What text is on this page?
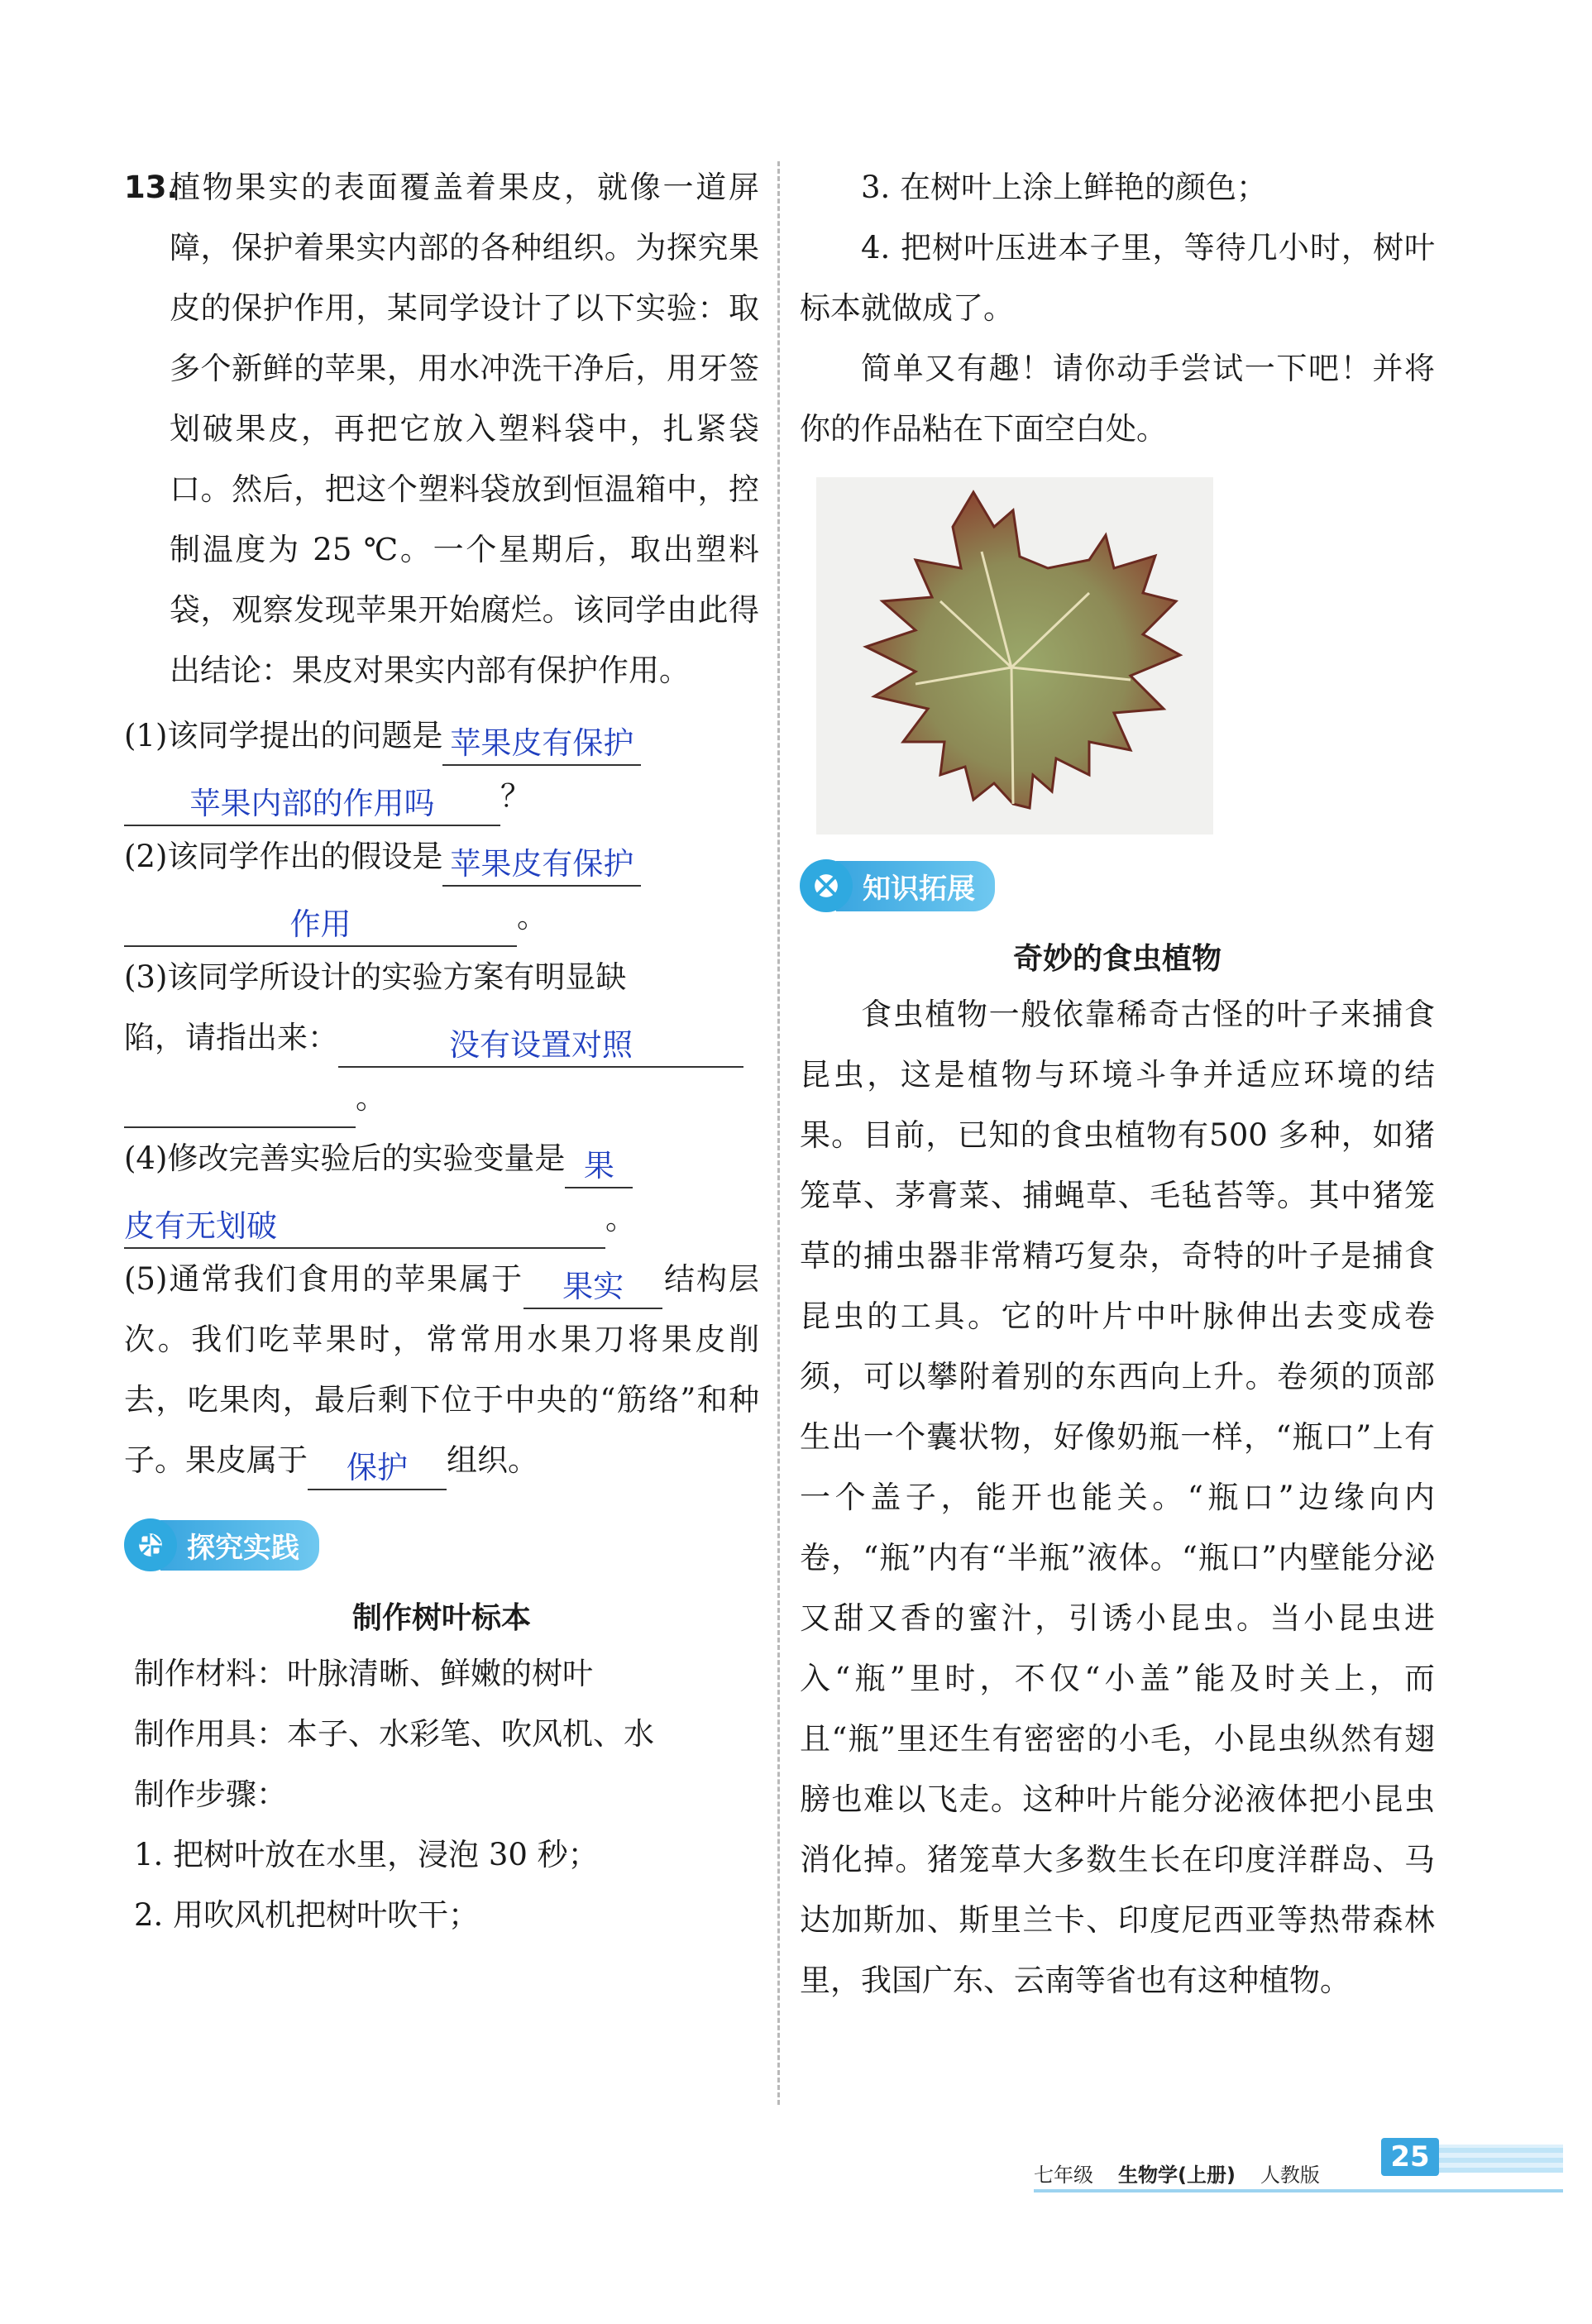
13.
植物果实的表面覆盖着果皮，就像一道屏障，保护着果实内部的各种组织。为探究果皮的保护作用，某同学设计了以下实验：取多个新鲜的苹果，用水冲洗干净后，用牙签划破果皮，再把它放入塑料袋中，扎紧袋口。然后，把这个塑料袋放到恒温箱中，控制温度为 25 ℃。一个星期后，取出塑料袋，观察发现苹果开始腐烂。该同学由此得出结论：果皮对果实内部有保护作用。

(1)该同学提出的问题是 苹果皮有保护
苹果内部的作用吗 ？

(2)该同学作出的假设是 苹果皮有保护
作用	。

(3)该同学所设计的实验方案有明显缺
陷，请指出来：	没有设置对照
。

(4)修改完善实验后的实验变量是 果
皮有无划破	。

(5)通常我们食用的苹果属于 果实 结构层次。我们吃苹果时，常常用水果刀将果皮削去，吃果肉，最后剩下位于中央的“筋络”和种子。果皮属于 保护 组织。

探究实践
制作树叶标本

制作材料：叶脉清晰、鲜嫩的树叶

制作用具：本子、水彩笔、吹风机、水

制作步骤：

1. 把树叶放在水里，浸泡 30 秒；

2. 用吹风机把树叶吹干；

3. 在树叶上涂上鲜艳的颜色；

4. 把树叶压进本子里，等待几小时，树叶标本就做成了。

简单又有趣！请你动手尝试一下吧！并将你的作品粘在下面空白处。

知识拓展
奇妙的食虫植物

食虫植物一般依靠稀奇古怪的叶子来捕食昆虫，这是植物与环境斗争并适应环境的结果。目前，已知的食虫植物有500 多种，如猪笼草、茅膏菜、捕蝇草、毛毡苔等。其中猪笼草的捕虫器非常精巧复杂，奇特的叶子是捕食昆虫的工具。它的叶片中叶脉伸出去变成卷须，可以攀附着别的东西向上升。卷须的顶部生出一个囊状物，好像奶瓶一样，“瓶口”上有一个盖子，能开也能关。“瓶口”边缘向内卷，“瓶”内有“半瓶”液体。“瓶口”内壁能分泌又甜又香的蜜汁，引诱小昆虫。当小昆虫进入“瓶”里时，不仅“小盖”能及时关上，而且“瓶”里还生有密密的小毛，小昆虫纵然有翅膀也难以飞走。这种叶片能分泌液体把小昆虫消化掉。猪笼草大多数生长在印度洋群岛、马达加斯加、斯里兰卡、印度尼西亚等热带森林里，我国广东、云南等省也有这种植物。

七年级 生物学(上册) 人教版
25
